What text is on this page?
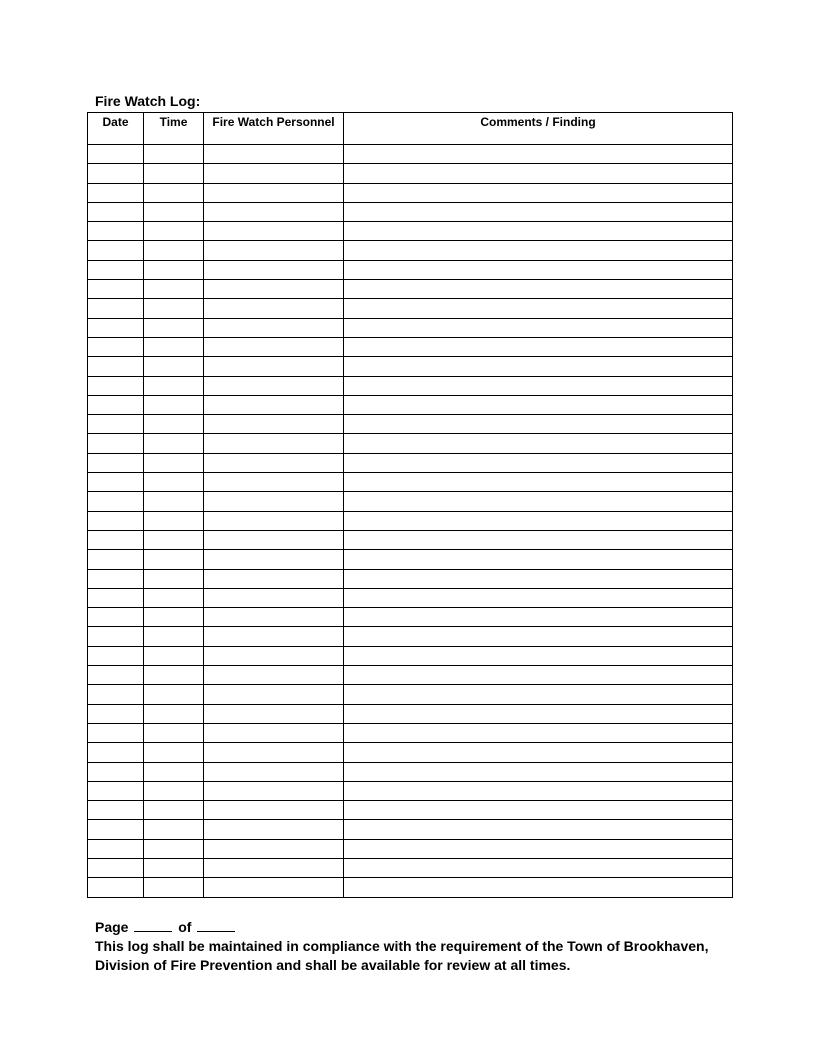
Fire Watch Log:
Date	Time	Fire Watch Personnel	Comments / Finding

Page	of
This log shall be maintained in compliance with the requirement of the Town of Brookhaven, Division of Fire Prevention and shall be available for review at all times.
